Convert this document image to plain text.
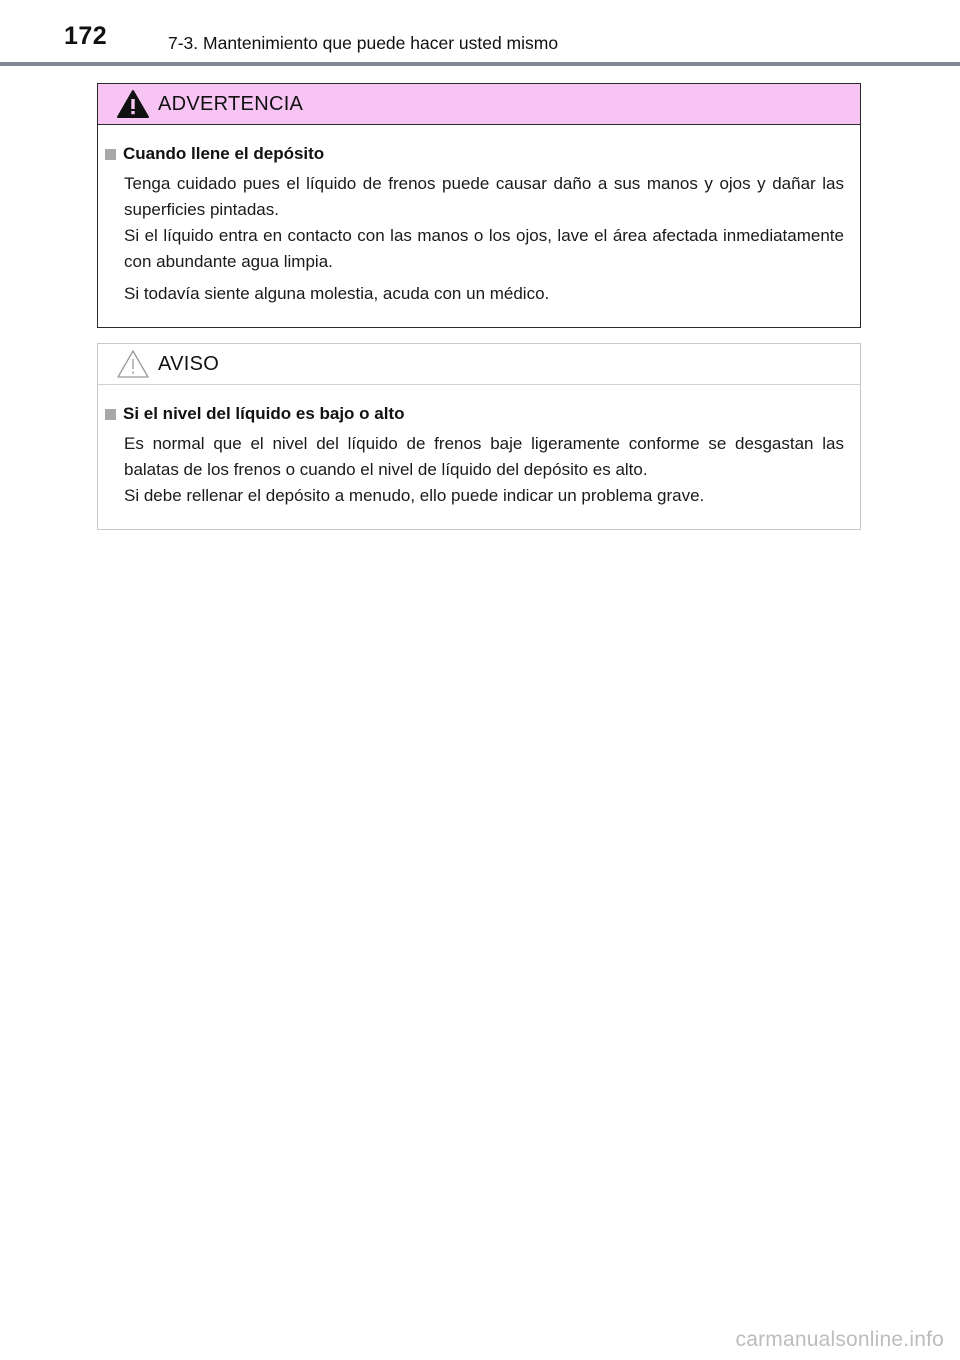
172	7-3. Mantenimiento que puede hacer usted mismo
ADVERTENCIA
Cuando llene el depósito
Tenga cuidado pues el líquido de frenos puede causar daño a sus manos y ojos y dañar las superficies pintadas.
Si el líquido entra en contacto con las manos o los ojos, lave el área afectada inmediatamente con abundante agua limpia.
Si todavía siente alguna molestia, acuda con un médico.
AVISO
Si el nivel del líquido es bajo o alto
Es normal que el nivel del líquido de frenos baje ligeramente conforme se desgastan las balatas de los frenos o cuando el nivel de líquido del depósito es alto.
Si debe rellenar el depósito a menudo, ello puede indicar un problema grave.
carmanualsonline.info
